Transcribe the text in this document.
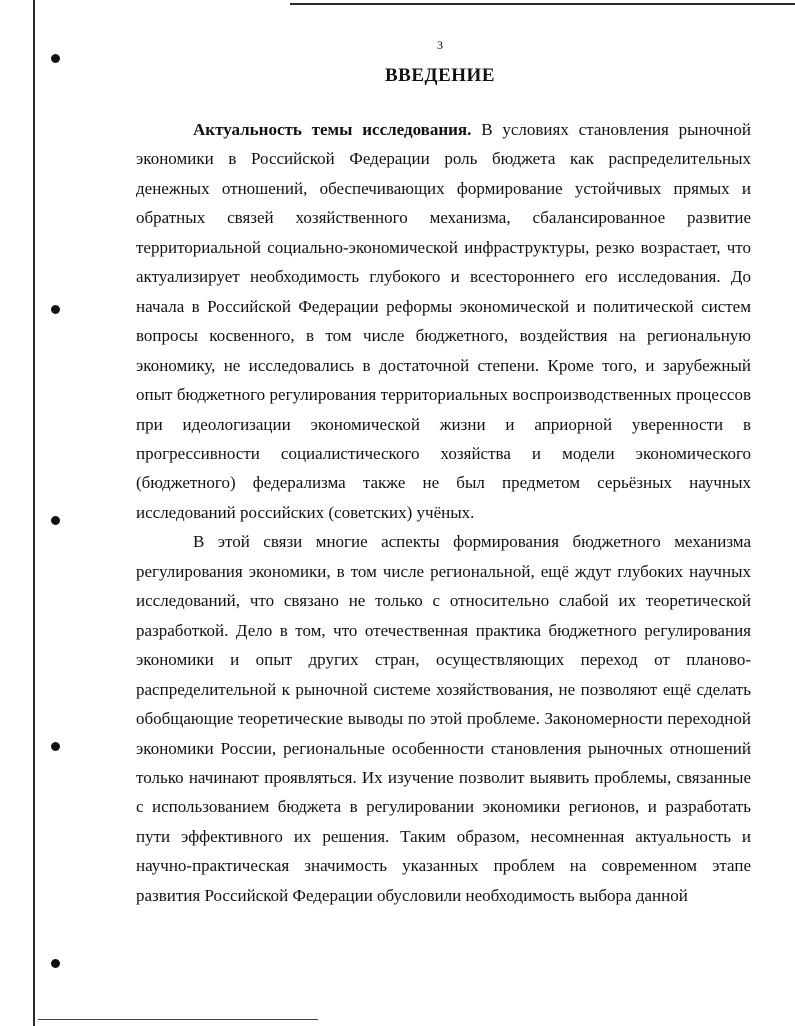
3
ВВЕДЕНИЕ

Актуальность темы исследования. В условиях становления рыночной экономики в Российской Федерации роль бюджета как распределительных денежных отношений, обеспечивающих формирование устойчивых прямых и обратных связей хозяйственного механизма, сбалансированное развитие территориальной социально-экономической инфраструктуры, резко возрастает, что актуализирует необходимость глубокого и всестороннего его исследования. До начала в Российской Федерации реформы экономической и политической систем вопросы косвенного, в том числе бюджетного, воздействия на региональную экономику, не исследовались в достаточной степени. Кроме того, и зарубежный опыт бюджетного регулирования территориальных воспроизводственных процессов при идеологизации экономической жизни и априорной уверенности в прогрессивности социалистического хозяйства и модели экономического (бюджетного) федерализма также не был предметом серьёзных научных исследований российских (советских) учёных.

В этой связи многие аспекты формирования бюджетного механизма регулирования экономики, в том числе региональной, ещё ждут глубоких научных исследований, что связано не только с относительно слабой их теоретической разработкой. Дело в том, что отечественная практика бюджетного регулирования экономики и опыт других стран, осуществляющих переход от планово-распределительной к рыночной системе хозяйствования, не позволяют ещё сделать обобщающие теоретические выводы по этой проблеме. Закономерности переходной экономики России, региональные особенности становления рыночных отношений только начинают проявляться. Их изучение позволит выявить проблемы, связанные с использованием бюджета в регулировании экономики регионов, и разработать пути эффективного их решения. Таким образом, несомненная актуальность и научно-практическая значимость указанных проблем на современном этапе развития Российской Федерации обусловили необходимость выбора данной
